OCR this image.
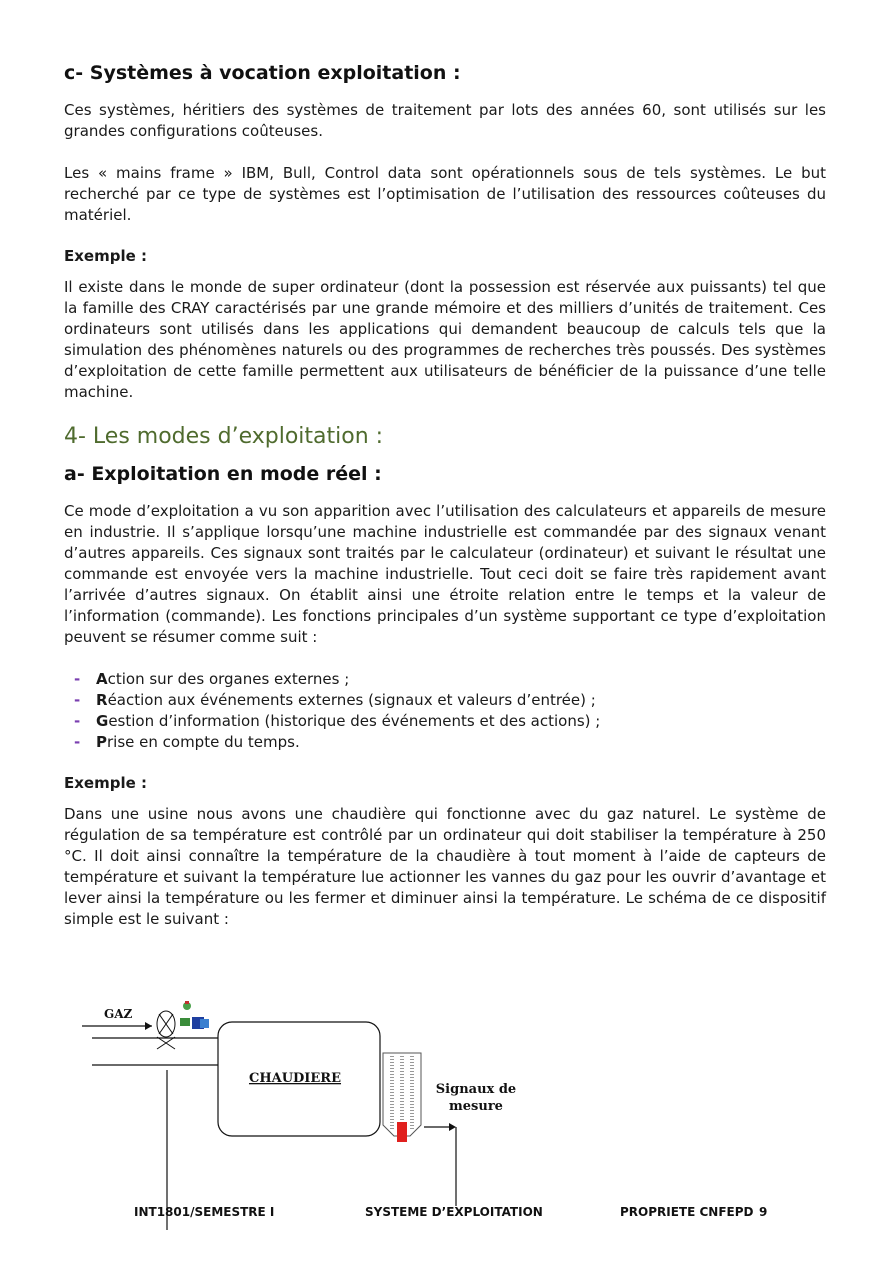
c- Systèmes à vocation exploitation :

Ces systèmes, héritiers des systèmes de traitement par lots des années 60, sont utilisés sur les grandes configurations coûteuses.

Les « mains frame » IBM, Bull, Control data sont opérationnels sous de tels systèmes. Le but recherché par ce type de systèmes est l’optimisation de l’utilisation des ressources coûteuses du matériel.

Exemple :

Il existe dans le monde de super ordinateur (dont la possession est réservée aux puissants) tel que la famille des CRAY caractérisés par une grande mémoire et des milliers d’unités de traitement. Ces ordinateurs sont utilisés dans les applications qui demandent beaucoup de calculs tels que la simulation des phénomènes naturels ou des programmes de recherches très poussés. Des systèmes d’exploitation de cette famille permettent aux utilisateurs de bénéficier de la puissance d’une telle machine.

4- Les modes d’exploitation :
a- Exploitation en mode réel :

Ce mode d’exploitation a vu son apparition avec l’utilisation des calculateurs et appareils de mesure en industrie. Il s’applique lorsqu’une machine industrielle est commandée par des signaux venant d’autres appareils. Ces signaux sont traités par le calculateur (ordinateur) et suivant le résultat une commande est envoyée vers la machine industrielle. Tout ceci doit se faire très rapidement avant l’arrivée d’autres signaux. On établit ainsi une étroite relation entre le temps et la valeur de l’information (commande). Les fonctions principales d’un système supportant ce type d’exploitation peuvent se résumer comme suit :

- Action sur des organes externes ;
- Réaction aux événements externes (signaux et valeurs d’entrée) ;
- Gestion d’information (historique des événements et des actions) ;
- Prise en compte du temps.
Exemple :

Dans une usine nous avons une chaudière qui fonctionne avec du gaz naturel. Le système de régulation de sa température est contrôlé par un ordinateur qui doit stabiliser la température à 250 °C. Il doit ainsi connaître la température de la chaudière à tout moment à l’aide de capteurs de température et suivant la température lue actionner les vannes du gaz pour les ouvrir d’avantage et lever ainsi la température ou les fermer et diminuer ainsi la température. Le schéma de ce dispositif simple est le suivant :

GAZ
CHAUDIERE
Signaux de
mesure
INT1801/SEMESTRE I	SYSTEME D’EXPLOITATION	PROPRIETE CNFEPD 9
